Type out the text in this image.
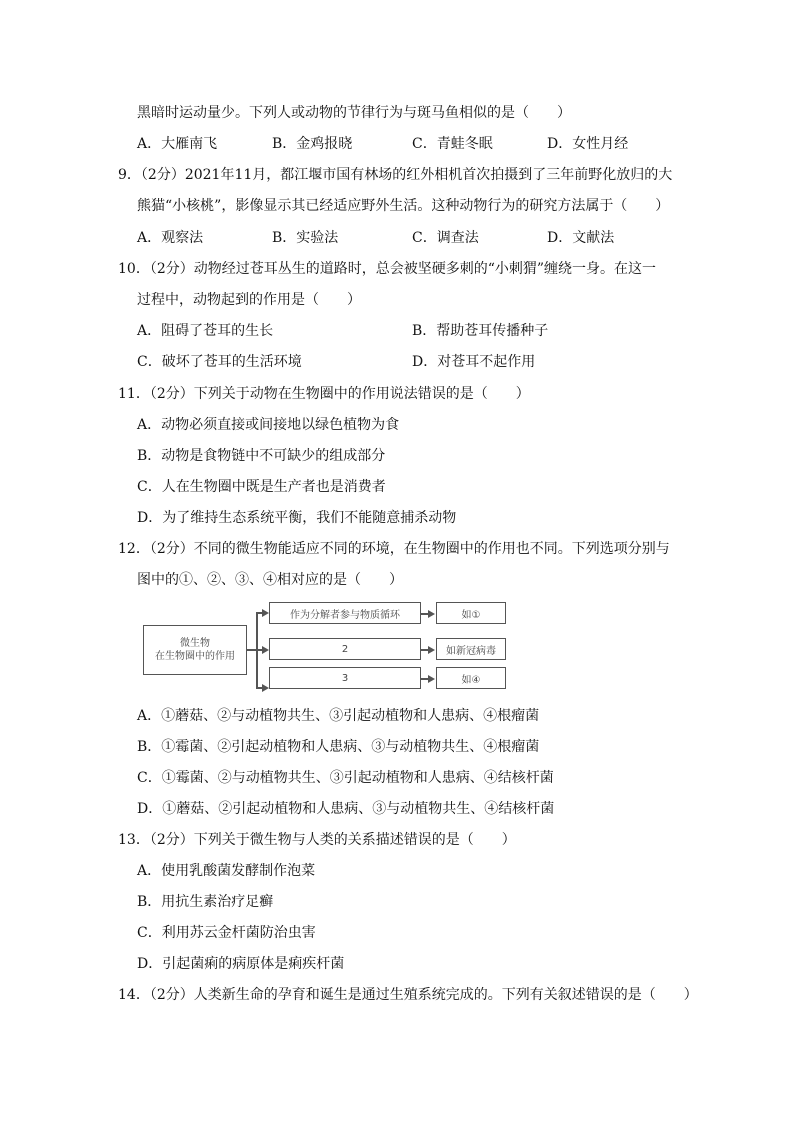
黑暗时运动量少。下列人或动物的节律行为与斑马鱼相似的是（　　）
A．大雁南飞	B．金鸡报晓	C．青蛙冬眠	D．女性月经
9．（2分）2021年11月，都江堰市国有林场的红外相机首次拍摄到了三年前野化放归的大
熊猫“小核桃”，影像显示其已经适应野外生活。这种动物行为的研究方法属于（　　）
A．观察法	B．实验法	C．调查法	D．文献法
10．（2分）动物经过苍耳丛生的道路时，总会被坚硬多刺的“小刺猬”缠绕一身。在这一
过程中，动物起到的作用是（　　）
A．阻碍了苍耳的生长	B．帮助苍耳传播种子
C．破坏了苍耳的生活环境	D．对苍耳不起作用
11．（2分）下列关于动物在生物圈中的作用说法错误的是（　　）
A．动物必须直接或间接地以绿色植物为食
B．动物是食物链中不可缺少的组成部分
C．人在生物圈中既是生产者也是消费者
D．为了维持生态系统平衡，我们不能随意捕杀动物
12．（2分）不同的微生物能适应不同的环境，在生物圈中的作用也不同。下列选项分别与
图中的①、②、③、④相对应的是（　　）
微生物
在生物圈中的作用
作为分解者参与物质循环
2
3
如①
如新冠病毒
如④
A．①蘑菇、②与动植物共生、③引起动植物和人患病、④根瘤菌
B．①霉菌、②引起动植物和人患病、③与动植物共生、④根瘤菌
C．①霉菌、②与动植物共生、③引起动植物和人患病、④结核杆菌
D．①蘑菇、②引起动植物和人患病、③与动植物共生、④结核杆菌
13．（2分）下列关于微生物与人类的关系描述错误的是（　　）
A．使用乳酸菌发酵制作泡菜
B．用抗生素治疗足癣
C．利用苏云金杆菌防治虫害
D．引起菌痢的病原体是痢疾杆菌
14．（2分）人类新生命的孕育和诞生是通过生殖系统完成的。下列有关叙述错误的是（　　）
